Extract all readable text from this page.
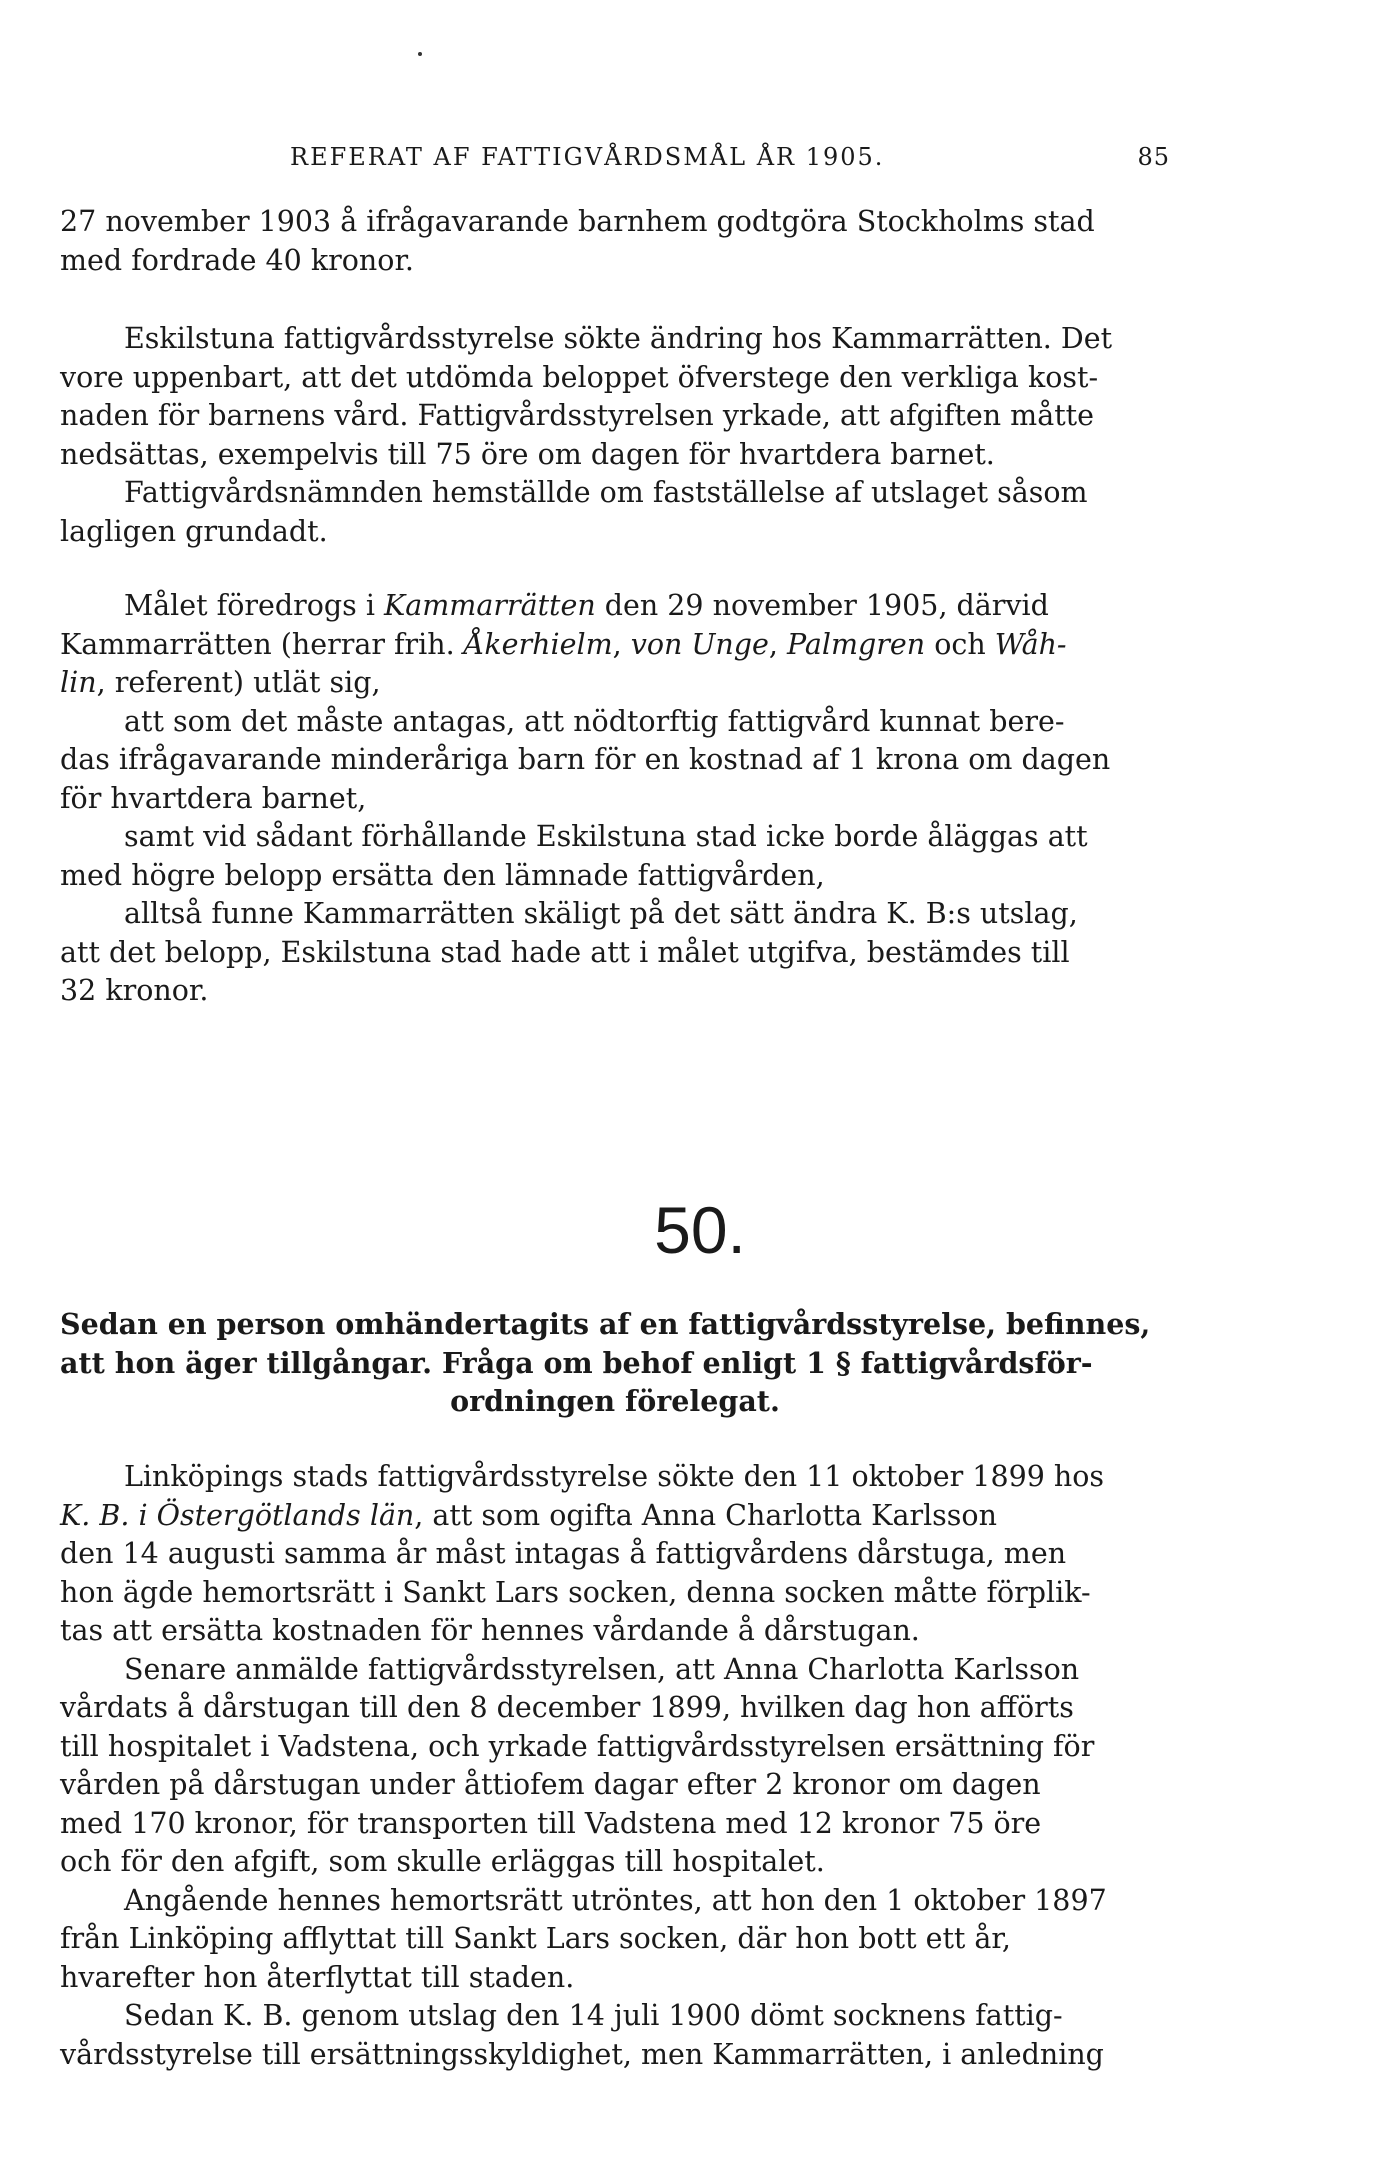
REFERAT AF FATTIGVÅRDSMÅL ÅR 1905.	85

27 november 1903 å ifrågavarande barnhem godtgöra Stockholms stad
med fordrade 40 kronor.

Eskilstuna fattigvårdsstyrelse sökte ändring hos Kammarrätten. Det
vore uppenbart, att det utdömda beloppet öfverstege den verkliga kost-
naden för barnens vård. Fattigvårdsstyrelsen yrkade, att afgiften måtte
nedsättas, exempelvis till 75 öre om dagen för hvartdera barnet.

Fattigvårdsnämnden hemställde om fastställelse af utslaget såsom
lagligen grundadt.

Målet föredrogs i Kammarrätten den 29 november 1905, därvid
Kammarrätten (herrar frih. Åkerhielm, von Unge, Palmgren och Wåh-
lin, referent) utlät sig,

att som det måste antagas, att nödtorftig fattigvård kunnat bere-
das ifrågavarande minderåriga barn för en kostnad af 1 krona om dagen
för hvartdera barnet,

samt vid sådant förhållande Eskilstuna stad icke borde åläggas att
med högre belopp ersätta den lämnade fattigvården,

alltså funne Kammarrätten skäligt på det sätt ändra K. B:s utslag,
att det belopp, Eskilstuna stad hade att i målet utgifva, bestämdes till
32 kronor.

50.

Sedan en person omhändertagits af en fattigvårdsstyrelse, befinnes,
att hon äger tillgångar. Fråga om behof enligt 1 § fattigvårdsför-

ordningen förelegat.

Linköpings stads fattigvårdsstyrelse sökte den 11 oktober 1899 hos
K. B. i Östergötlands län, att som ogifta Anna Charlotta Karlsson
den 14 augusti samma år måst intagas å fattigvårdens dårstuga, men
hon ägde hemortsrätt i Sankt Lars socken, denna socken måtte förplik-
tas att ersätta kostnaden för hennes vårdande å dårstugan.

Senare anmälde fattigvårdsstyrelsen, att Anna Charlotta Karlsson
vårdats å dårstugan till den 8 december 1899, hvilken dag hon afförts
till hospitalet i Vadstena, och yrkade fattigvårdsstyrelsen ersättning för
vården på dårstugan under åttiofem dagar efter 2 kronor om dagen
med 170 kronor, för transporten till Vadstena med 12 kronor 75 öre
och för den afgift, som skulle erläggas till hospitalet.

Angående hennes hemortsrätt utröntes, att hon den 1 oktober 1897
från Linköping afflyttat till Sankt Lars socken, där hon bott ett år,
hvarefter hon återflyttat till staden.

Sedan K. B. genom utslag den 14 juli 1900 dömt socknens fattig-
vårdsstyrelse till ersättningsskyldighet, men Kammarrätten, i anledning
